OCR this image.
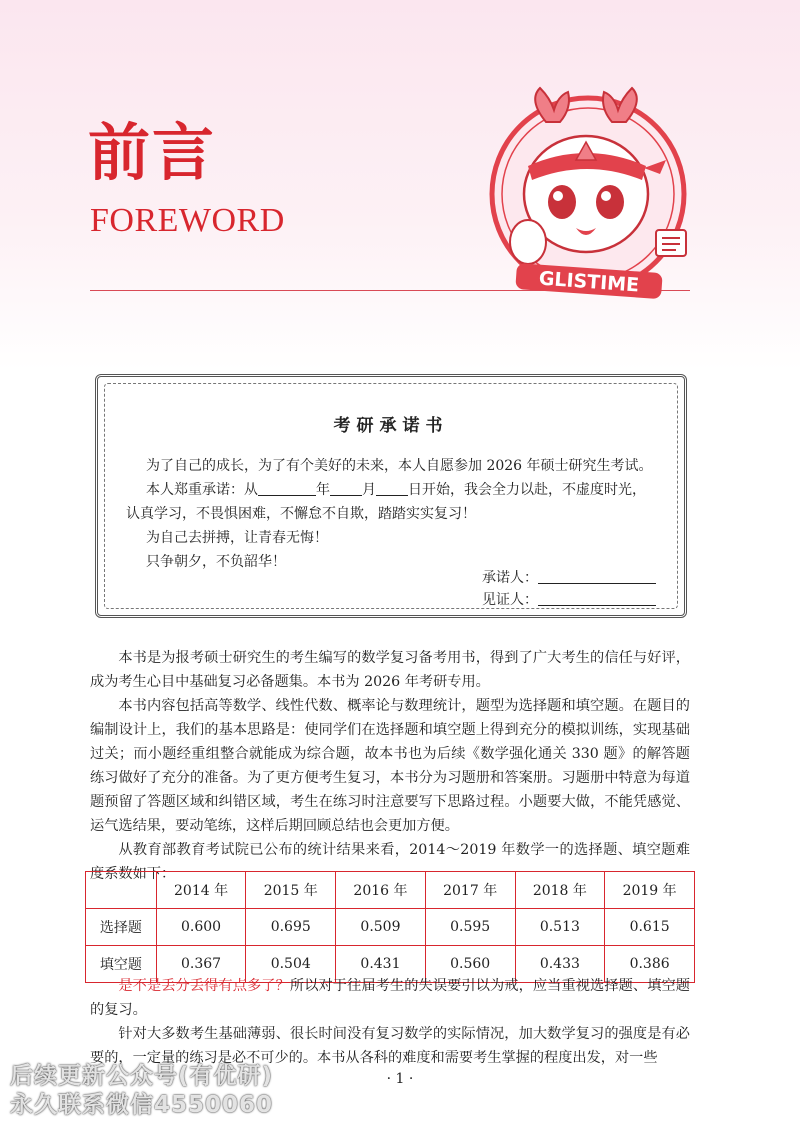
前言
FOREWORD
GLISTIME
考研承诺书
为了自己的成长，为了有个美好的未来，本人自愿参加 2026 年硕士研究生考试。
本人郑重承诺：从	年 月 日开始，我会全力以赴，不虚度时光，
认真学习，不畏惧困难，不懈怠不自欺，踏踏实实复习！
为自己去拼搏，让青春无悔！
只争朝夕，不负韶华！
承诺人：
见证人：

本书是为报考硕士研究生的考生编写的数学复习备考用书，得到了广大考生的信任与好评，成为考生心目中基础复习必备题集。本书为 2026 年考研专用。

本书内容包括高等数学、线性代数、概率论与数理统计，题型为选择题和填空题。在题目的编制设计上，我们的基本思路是：使同学们在选择题和填空题上得到充分的模拟训练，实现基础过关；而小题经重组整合就能成为综合题，故本书也为后续《数学强化通关 330 题》的解答题练习做好了充分的准备。为了更方便考生复习，本书分为习题册和答案册。习题册中特意为每道题预留了答题区域和纠错区域，考生在练习时注意要写下思路过程。小题要大做，不能凭感觉、运气选结果，要动笔练，这样后期回顾总结也会更加方便。

从教育部教育考试院已公布的统计结果来看，2014～2019 年数学一的选择题、填空题难度系数如下：

	2014 年	2015 年	2016 年	2017 年	2018 年	2019 年
选择题	0.600	0.695	0.509	0.595	0.513	0.615
填空题	0.367	0.504	0.431	0.560	0.433	0.386

是不是丢分丢得有点多了？所以对于往届考生的失误要引以为戒，应当重视选择题、填空题的复习。

针对大多数考生基础薄弱、很长时间没有复习数学的实际情况，加大数学复习的强度是有必要的，一定量的练习是必不可少的。本书从各科的难度和需要考生掌握的程度出发，对一些

· 1 ·
后续更新公众号(有优研)
永久联系微信4550060
